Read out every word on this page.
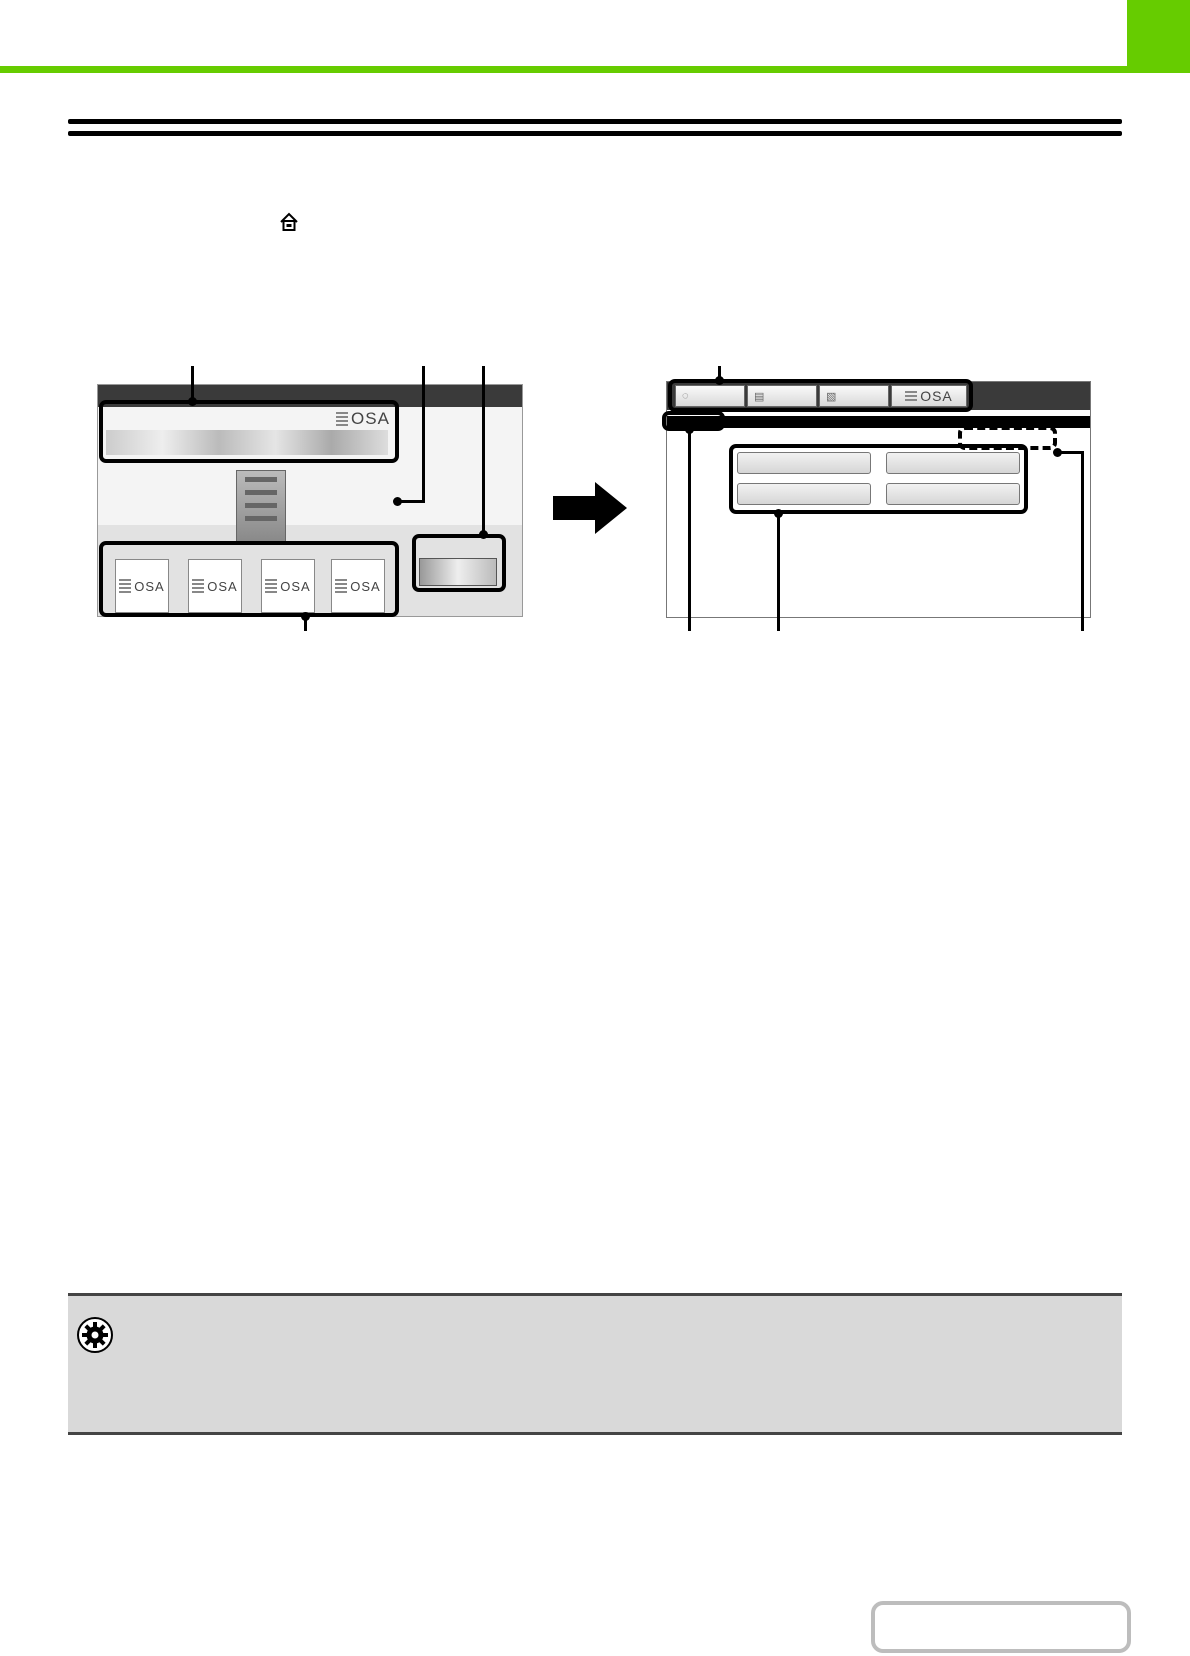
OSA
OSA	OSA	OSA	OSA
◌	▤	▧	OSA
